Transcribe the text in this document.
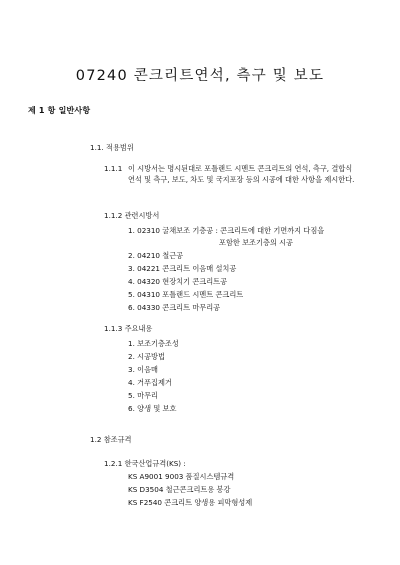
07240 콘크리트연석, 측구 및 보도
제 1 항 일반사항
1.1. 적용범위
1.1.1 이 시방서는 명시된대로 포틀랜드 시멘트 콘크리트의 연석, 측구, 결합식 연석 및 측구, 보도, 차도 및 국지포장 등의 시공에 대한 사항을 제시한다.
1.1.2 관련시방서
1. 02310 굴채보조 기층공 : 콘크리트에 대한 기면까지 다짐을
포함한 보조기층의 시공
2. 04210 철근공
3. 04221 콘크리트 이음매 설치공
4. 04320 현장치기 콘크리트공
5. 04310 포틀랜드 시멘트 콘크리트
6. 04330 콘크리트 마무리공
1.1.3 주요내용
1. 보조기층조성
2. 시공방법
3. 이음매
4. 거푸집제거
5. 마무리
6. 양생 및 보호
1.2 참조규격
1.2.1 한국산업규격(KS) :
KS A9001 9003 품질시스템규격
KS D3504 철근콘크리트용 봉강
KS F2540 콘크리트 양생용 피막형성제
